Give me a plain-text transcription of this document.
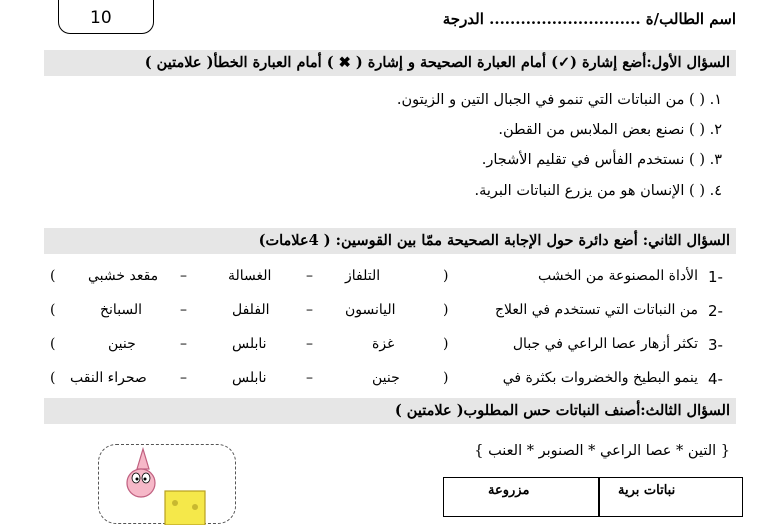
10	اسم الطالب/ة ............................. الدرجة
السؤال الأول:أضع إشارة (✓) أمام العبارة الصحيحة و إشارة ( ✖ ) أمام العبارة الخطأ( علامتين )
١. ( ) من النباتات التي تنمو في الجبال التين و الزيتون.
٢. ( ) نصنع بعض الملابس من القطن.
٣. ( ) نستخدم الفأس في تقليم الأشجار.
٤. ( ) الإنسان هو من يزرع النباتات البرية.
السؤال الثاني: أضع دائرة حول الإجابة الصحيحة ممّا بين القوسين: ( 4علامات)
1-
الأداة المصنوعة من الخشب
(
التلفاز
–
الغسالة
–
مقعد خشبي
)
2-
من النباتات التي تستخدم في العلاج
(
اليانسون
–
الفلفل
–
السبانخ
)
3-
تكثر أزهار عصا الراعي في جبال
(
غزة
–
نابلس
–
جنين
)
4-
ينمو البطيخ والخضروات بكثرة في
(
جنين
–
نابلس
–
صحراء النقب
)
السؤال الثالث:أصنف النباتات حس المطلوب( علامتين )
{ التين * عصا الراعي * الصنوبر * العنب }
نباتات برية
مزروعة
